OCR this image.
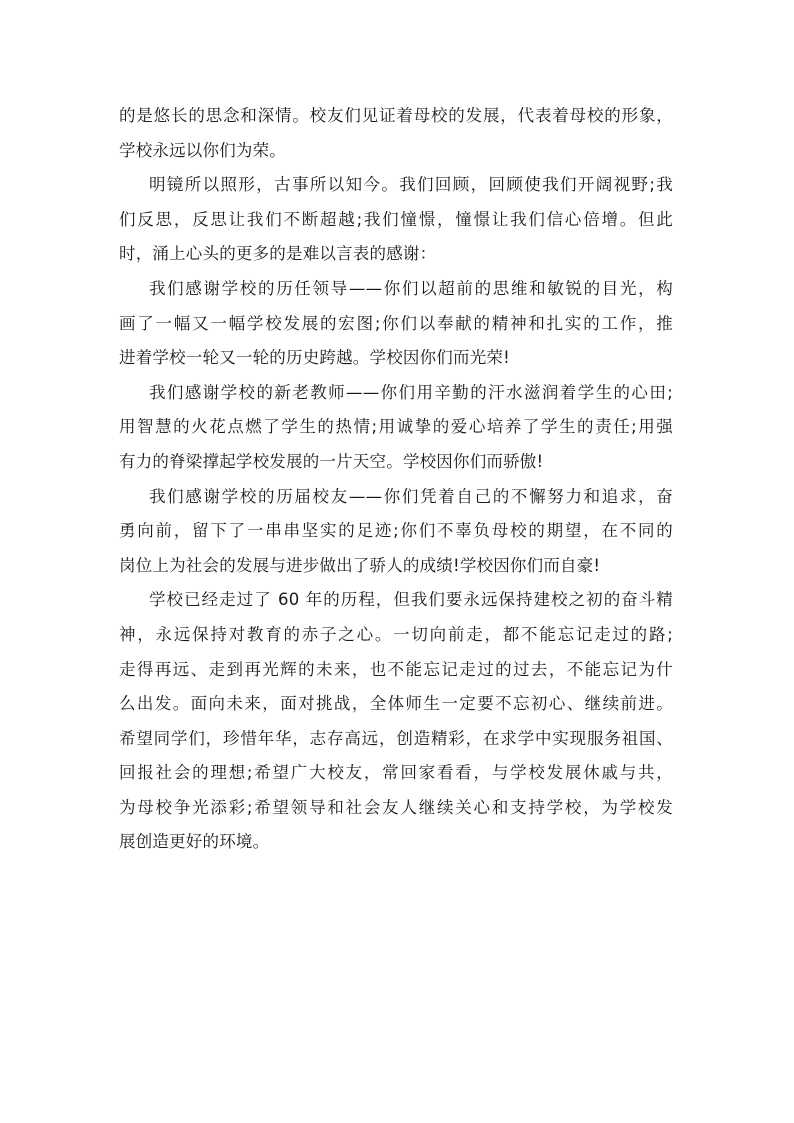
的是悠长的思念和深情。校友们见证着母校的发展，代表着母校的形象，
学校永远以你们为荣。
明镜所以照形，古事所以知今。我们回顾，回顾使我们开阔视野;我
们反思，反思让我们不断超越;我们憧憬，憧憬让我们信心倍增。但此
时，涌上心头的更多的是难以言表的感谢：
我们感谢学校的历任领导——你们以超前的思维和敏锐的目光，构
画了一幅又一幅学校发展的宏图;你们以奉献的精神和扎实的工作，推
进着学校一轮又一轮的历史跨越。学校因你们而光荣!
我们感谢学校的新老教师——你们用辛勤的汗水滋润着学生的心田;
用智慧的火花点燃了学生的热情;用诚挚的爱心培养了学生的责任;用强
有力的脊梁撑起学校发展的一片天空。学校因你们而骄傲!
我们感谢学校的历届校友——你们凭着自己的不懈努力和追求，奋
勇向前，留下了一串串坚实的足迹;你们不辜负母校的期望，在不同的
岗位上为社会的发展与进步做出了骄人的成绩!学校因你们而自豪!
学校已经走过了 60 年的历程，但我们要永远保持建校之初的奋斗精
神，永远保持对教育的赤子之心。一切向前走，都不能忘记走过的路;
走得再远、走到再光辉的未来，也不能忘记走过的过去，不能忘记为什
么出发。面向未来，面对挑战，全体师生一定要不忘初心、继续前进。
希望同学们，珍惜年华，志存高远，创造精彩，在求学中实现服务祖国、
回报社会的理想;希望广大校友，常回家看看，与学校发展休戚与共，
为母校争光添彩;希望领导和社会友人继续关心和支持学校，为学校发
展创造更好的环境。
